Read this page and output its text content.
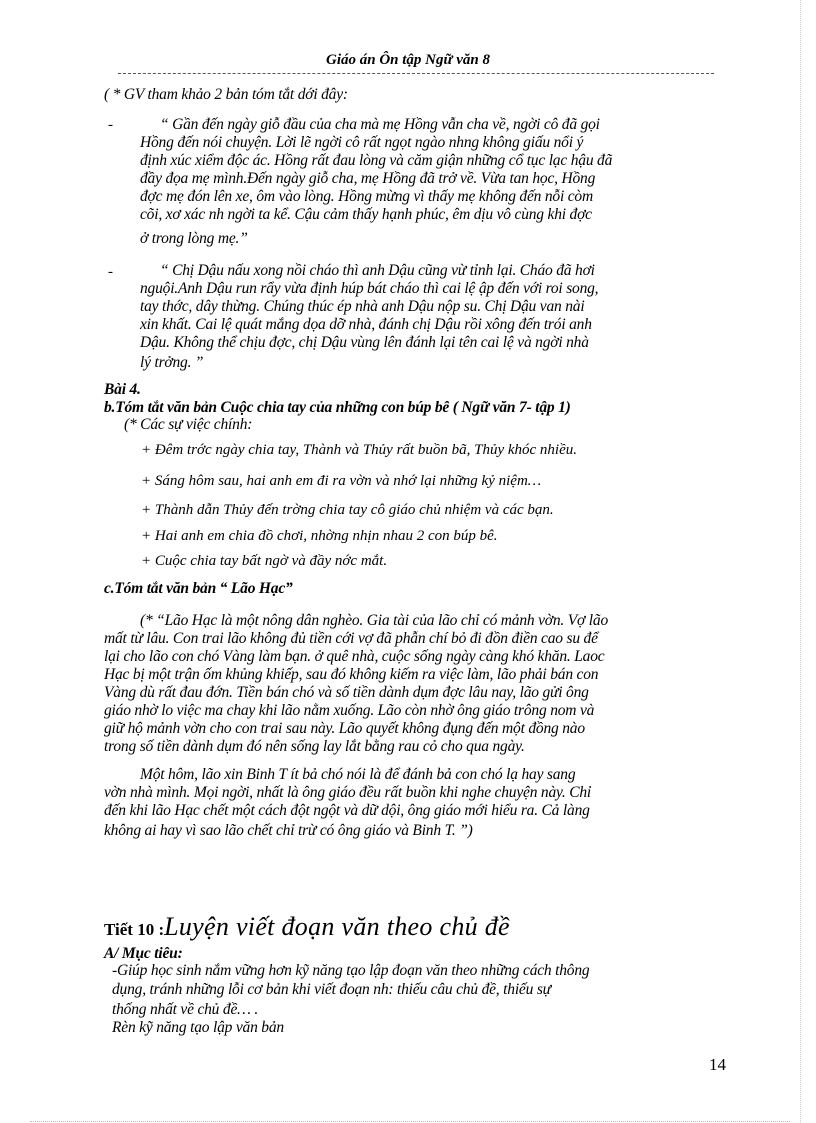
Giáo án Ôn tập Ngữ văn 8
( * GV tham khảo 2 bản tóm tắt dới đây:
-	“ Gần đến ngày giỗ đầu của cha mà mẹ Hồng vẫn cha về, ngời cô đã gọi
Hồng đến nói chuyện. Lời lẽ ngời cô rất ngọt ngào nhng không giấu nổi ý
định xúc xiểm độc ác. Hồng rất đau lòng và căm giận những cổ tục lạc hậu đã
đầy đọa mẹ mình.Đến ngày giỗ cha, mẹ Hồng đã trở về. Vừa tan học, Hồng
đợc mẹ đón lên xe, ôm vào lòng. Hồng mừng vì thấy mẹ không đến nỗi còm
cõi, xơ xác nh ngời ta kể. Cậu cảm thấy hạnh phúc, êm dịu vô cùng khi đợc
ở trong lòng mẹ.”
-	“ Chị Dậu nấu xong nồi cháo thì anh Dậu cũng vừ tỉnh lại. Cháo đã hơi
nguội.Anh Dậu run rẩy vừa định húp bát cháo thì cai lệ ập đến với roi song,
tay thớc, dây thừng. Chúng thúc ép nhà anh Dậu nộp su. Chị Dậu van nài
xin khất. Cai lệ quát mắng dọa dỡ nhà, đánh chị Dậu rồi xông đến trói anh
Dậu. Không thể chịu đợc, chị Dậu vùng lên đánh lại tên cai lệ và ngời nhà
lý trởng. ”
Bài 4.
b.Tóm tắt văn bản Cuộc chia tay của những con búp bê ( Ngữ văn 7- tập 1)
(* Các sự việc chính:
+ Đêm trớc ngày chia tay, Thành và Thủy rất buồn bã, Thủy khóc nhiều.
+ Sáng hôm sau, hai anh em đi ra vờn và nhớ lại những kỷ niệm…
+ Thành dẫn Thủy đến trờng chia tay cô giáo chủ nhiệm và các bạn.
+ Hai anh em chia đồ chơi, nhờng nhịn nhau 2 con búp bê.
+ Cuộc chia tay bất ngờ và đầy nớc mắt.
c.Tóm tắt văn bản “ Lão Hạc”
(* “Lão Hạc là một nông dân nghèo. Gia tài của lão chỉ có mảnh vờn. Vợ lão
mất từ lâu. Con trai lão không đủ tiền cới vợ đã phẫn chí bỏ đi đồn điền cao su để
lại cho lão con chó Vàng làm bạn. ở quê nhà, cuộc sống ngày càng khó khăn. Laoc
Hạc bị một trận ốm khủng khiếp, sau đó không kiếm ra việc làm, lão phải bán con
Vàng dù rất đau đớn. Tiền bán chó và số tiền dành dụm đợc lâu nay, lão gửi ông
giáo nhờ lo việc ma chay khi lão nằm xuống. Lão còn nhờ ông giáo trông nom và
giữ hộ mảnh vờn cho con trai sau này. Lão quyết không đụng đến một đồng nào
trong số tiền dành dụm đó nên sống lay lắt bằng rau cỏ cho qua ngày.
Một hôm, lão xin Binh T ít bả chó nói là để đánh bả con chó lạ hay sang
vờn nhà mình. Mọi ngời, nhất là ông giáo đều rất buồn khi nghe chuyện này. Chỉ
đến khi lão Hạc chết một cách đột ngột và dữ dội, ông giáo mới hiểu ra. Cả làng
không ai hay vì sao lão chết chỉ trừ có ông giáo và Binh T. ”)
Tiết 10 :Luyện viết đoạn văn theo chủ đề
A/ Mục tiêu:
-Giúp học sinh nắm vững hơn kỹ năng tạo lập đoạn văn theo những cách thông
dụng, tránh những lỗi cơ bản khi viết đoạn nh: thiếu câu chủ đề, thiếu sự
thống nhất về chủ đề… .
Rèn kỹ năng tạo lập văn bản
14
